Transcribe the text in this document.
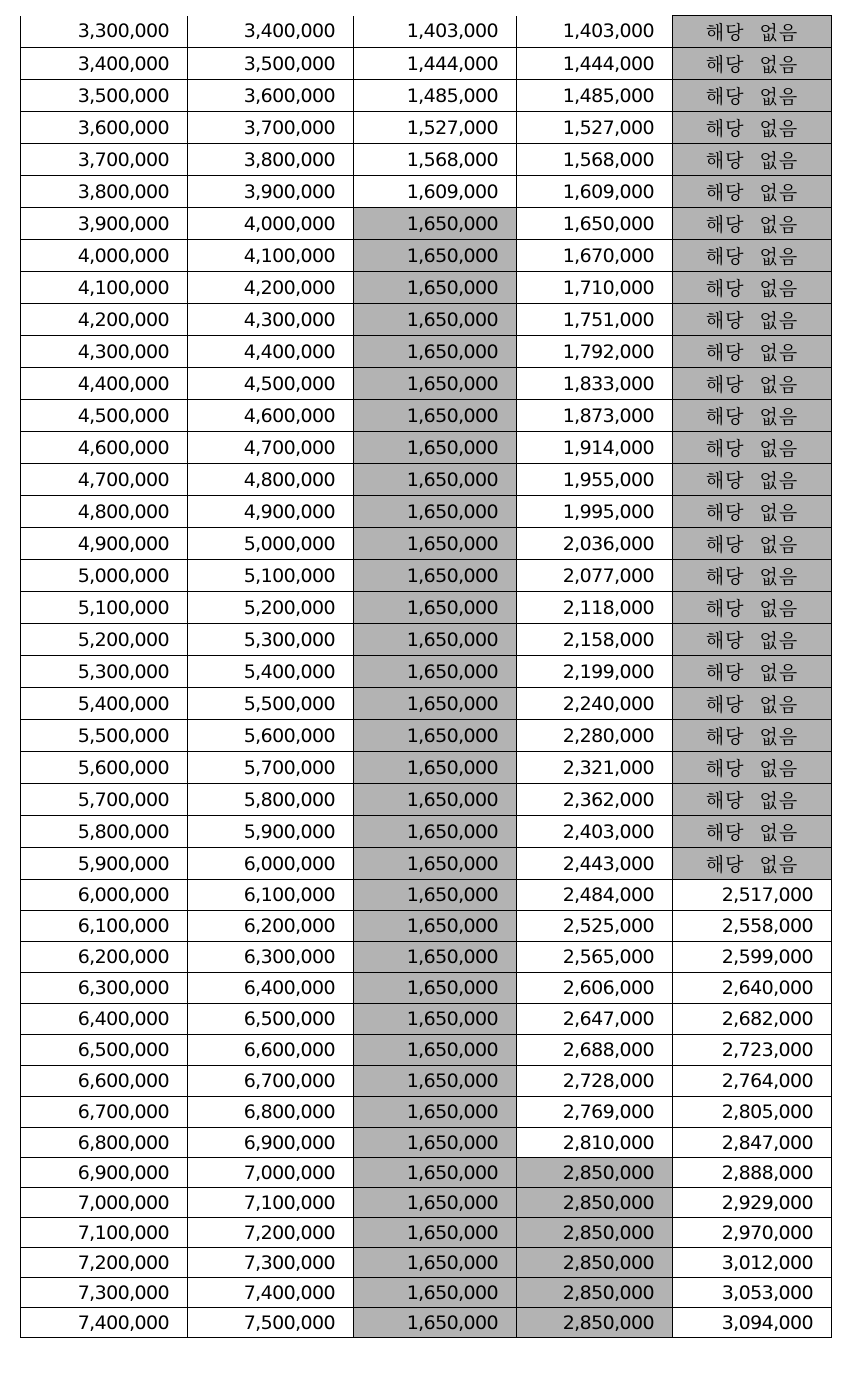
3,300,000	3,400,000	1,403,000	1,403,000	해당 없음
3,400,000	3,500,000	1,444,000	1,444,000	해당 없음
3,500,000	3,600,000	1,485,000	1,485,000	해당 없음
3,600,000	3,700,000	1,527,000	1,527,000	해당 없음
3,700,000	3,800,000	1,568,000	1,568,000	해당 없음
3,800,000	3,900,000	1,609,000	1,609,000	해당 없음
3,900,000	4,000,000	1,650,000	1,650,000	해당 없음
4,000,000	4,100,000	1,650,000	1,670,000	해당 없음
4,100,000	4,200,000	1,650,000	1,710,000	해당 없음
4,200,000	4,300,000	1,650,000	1,751,000	해당 없음
4,300,000	4,400,000	1,650,000	1,792,000	해당 없음
4,400,000	4,500,000	1,650,000	1,833,000	해당 없음
4,500,000	4,600,000	1,650,000	1,873,000	해당 없음
4,600,000	4,700,000	1,650,000	1,914,000	해당 없음
4,700,000	4,800,000	1,650,000	1,955,000	해당 없음
4,800,000	4,900,000	1,650,000	1,995,000	해당 없음
4,900,000	5,000,000	1,650,000	2,036,000	해당 없음
5,000,000	5,100,000	1,650,000	2,077,000	해당 없음
5,100,000	5,200,000	1,650,000	2,118,000	해당 없음
5,200,000	5,300,000	1,650,000	2,158,000	해당 없음
5,300,000	5,400,000	1,650,000	2,199,000	해당 없음
5,400,000	5,500,000	1,650,000	2,240,000	해당 없음
5,500,000	5,600,000	1,650,000	2,280,000	해당 없음
5,600,000	5,700,000	1,650,000	2,321,000	해당 없음
5,700,000	5,800,000	1,650,000	2,362,000	해당 없음
5,800,000	5,900,000	1,650,000	2,403,000	해당 없음
5,900,000	6,000,000	1,650,000	2,443,000	해당 없음
6,000,000	6,100,000	1,650,000	2,484,000	2,517,000
6,100,000	6,200,000	1,650,000	2,525,000	2,558,000
6,200,000	6,300,000	1,650,000	2,565,000	2,599,000
6,300,000	6,400,000	1,650,000	2,606,000	2,640,000
6,400,000	6,500,000	1,650,000	2,647,000	2,682,000
6,500,000	6,600,000	1,650,000	2,688,000	2,723,000
6,600,000	6,700,000	1,650,000	2,728,000	2,764,000
6,700,000	6,800,000	1,650,000	2,769,000	2,805,000
6,800,000	6,900,000	1,650,000	2,810,000	2,847,000
6,900,000	7,000,000	1,650,000	2,850,000	2,888,000
7,000,000	7,100,000	1,650,000	2,850,000	2,929,000
7,100,000	7,200,000	1,650,000	2,850,000	2,970,000
7,200,000	7,300,000	1,650,000	2,850,000	3,012,000
7,300,000	7,400,000	1,650,000	2,850,000	3,053,000
7,400,000	7,500,000	1,650,000	2,850,000	3,094,000
